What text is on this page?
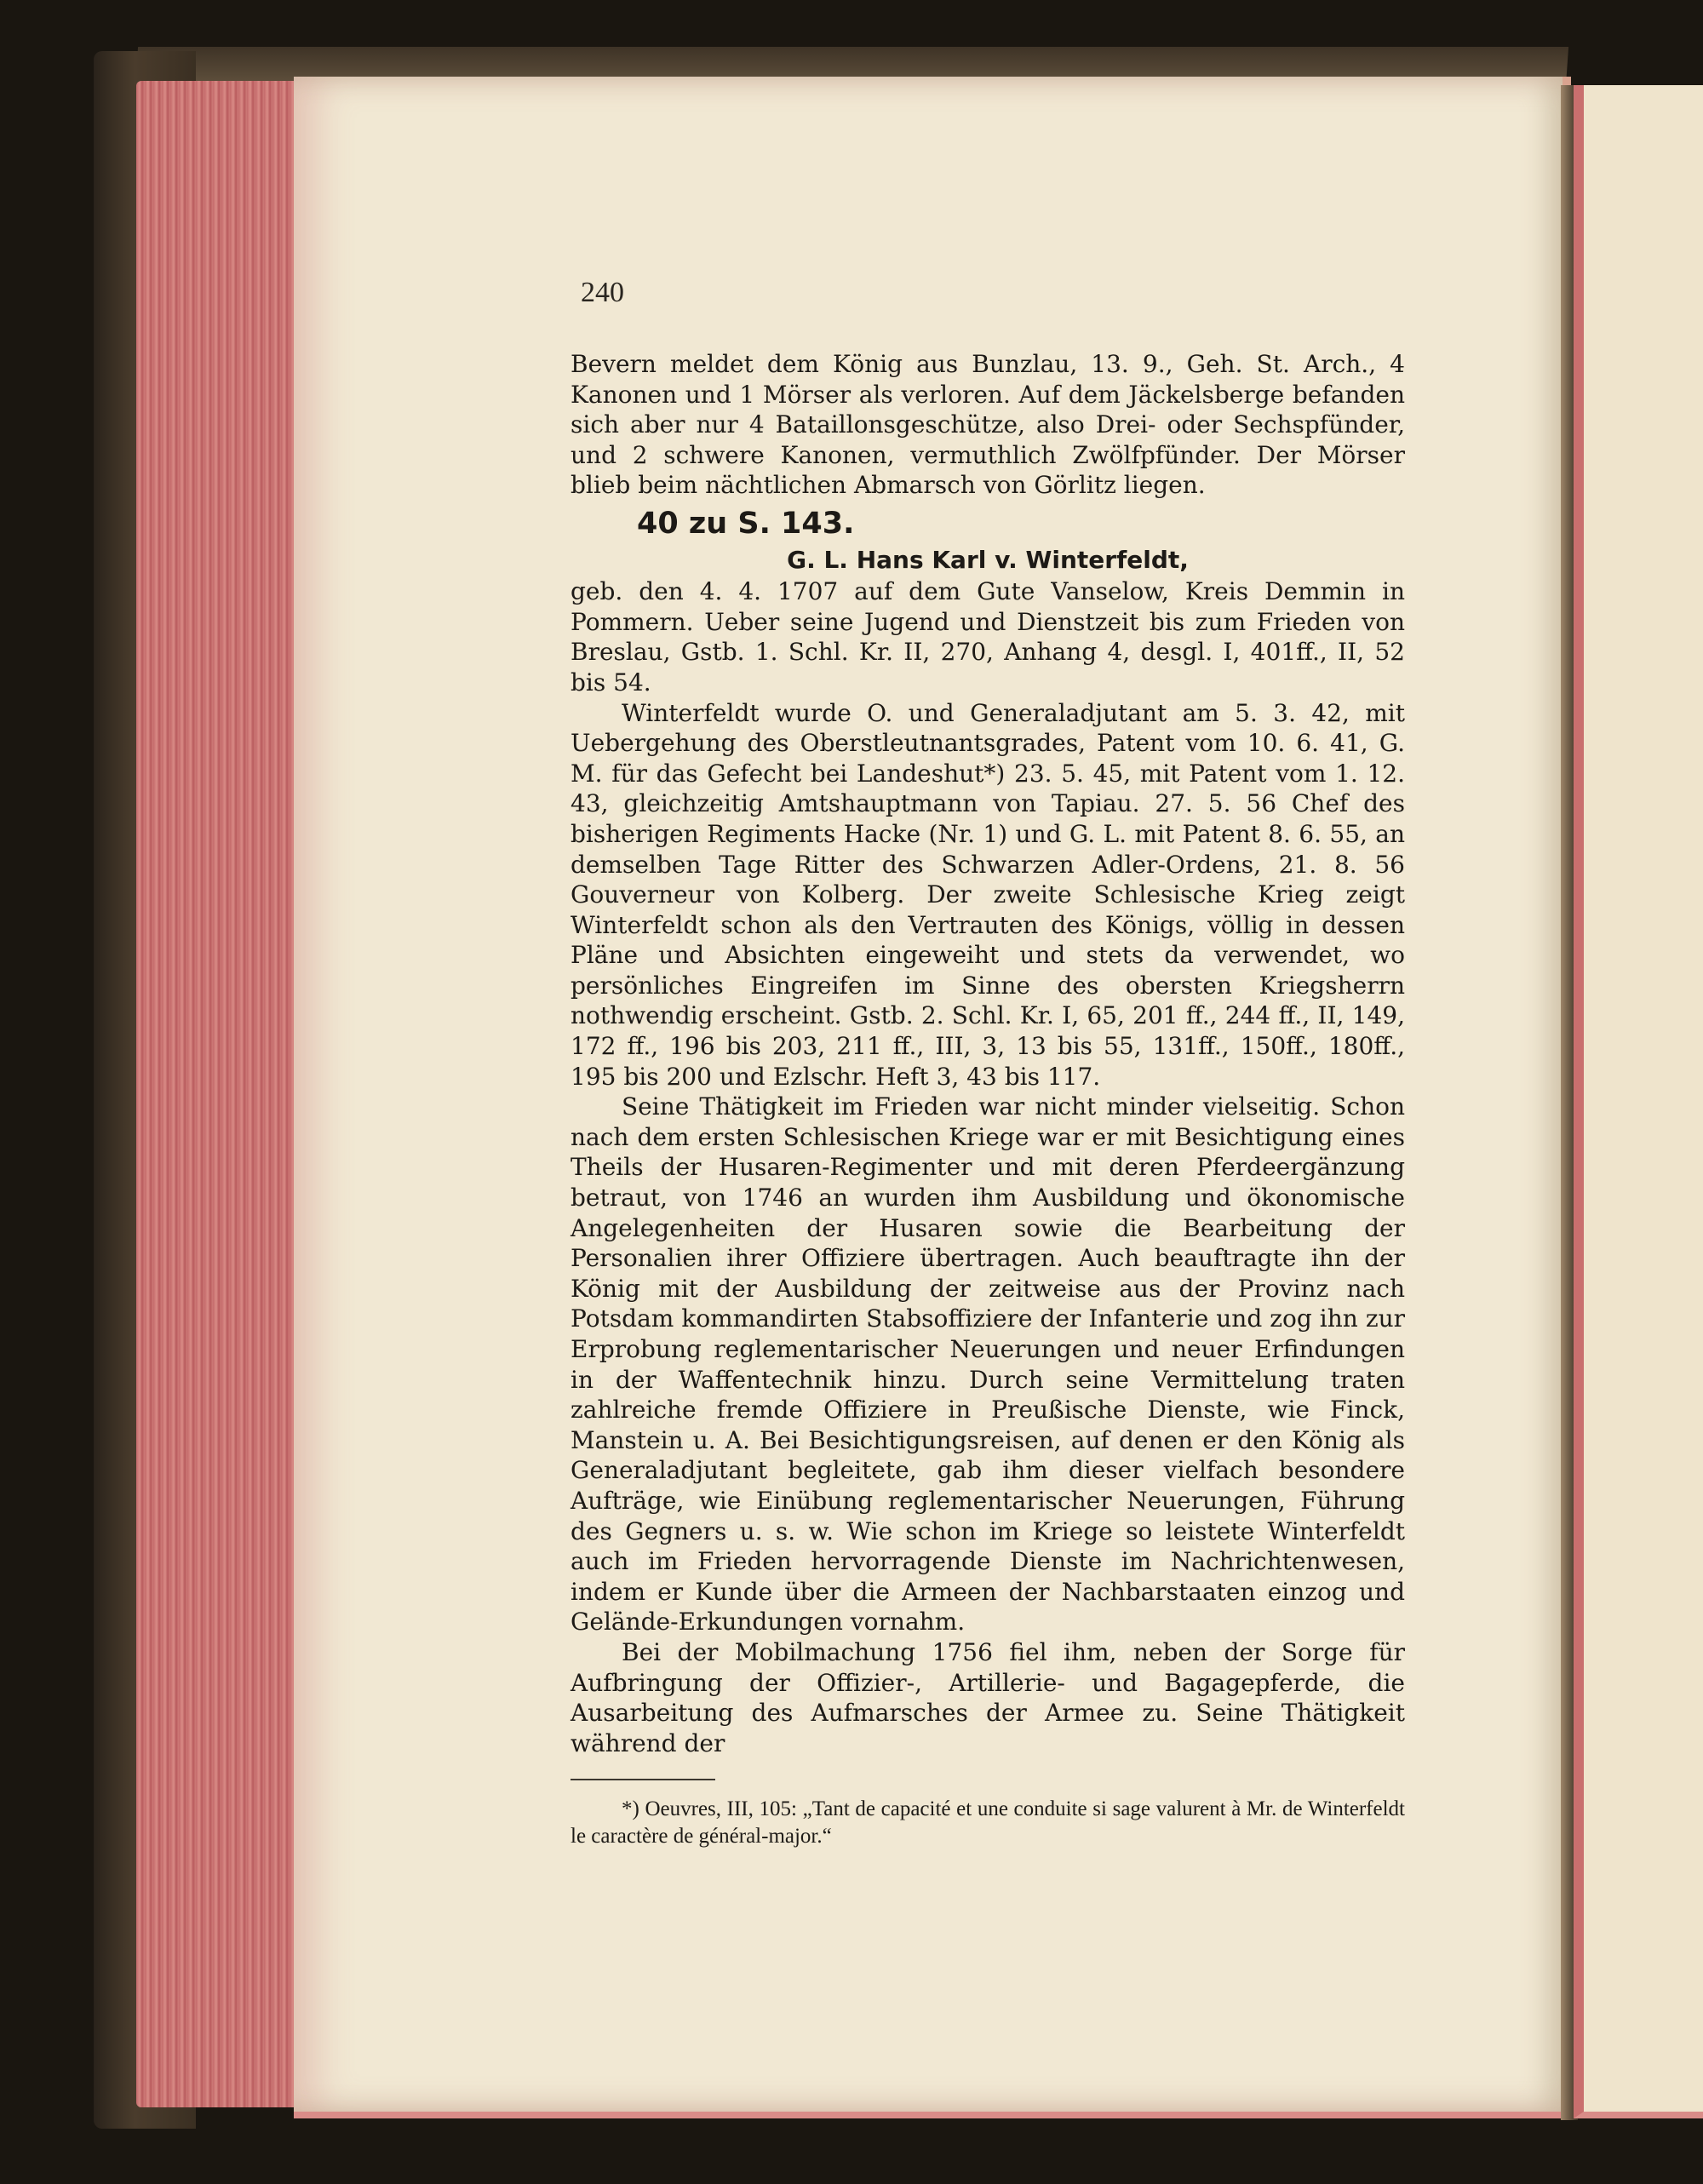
240

Bevern meldet dem König aus Bunzlau, 13. 9., Geh. St. Arch., 4 Kanonen und 1 Mörser als verloren. Auf dem Jäckelsberge befanden sich aber nur 4 Bataillonsgeschütze, also Drei- oder Sechspfünder, und 2 schwere Kanonen, vermuthlich Zwölfpfünder. Der Mörser blieb beim nächtlichen Abmarsch von Görlitz liegen.

40 zu S. 143.
G. L. Hans Karl v. Winterfeldt,

geb. den 4. 4. 1707 auf dem Gute Vanselow, Kreis Demmin in Pommern. Ueber seine Jugend und Dienstzeit bis zum Frieden von Breslau, Gstb. 1. Schl. Kr. II, 270, Anhang 4, desgl. I, 401ff., II, 52 bis 54.

Winterfeldt wurde O. und Generaladjutant am 5. 3. 42, mit Uebergehung des Oberstleutnantsgrades, Patent vom 10. 6. 41, G. M. für das Gefecht bei Landeshut*) 23. 5. 45, mit Patent vom 1. 12. 43, gleichzeitig Amtshauptmann von Tapiau. 27. 5. 56 Chef des bisherigen Regiments Hacke (Nr. 1) und G. L. mit Patent 8. 6. 55, an demselben Tage Ritter des Schwarzen Adler-Ordens, 21. 8. 56 Gouverneur von Kolberg. Der zweite Schlesische Krieg zeigt Winterfeldt schon als den Vertrauten des Königs, völlig in dessen Pläne und Absichten eingeweiht und stets da verwendet, wo persönliches Eingreifen im Sinne des obersten Kriegsherrn nothwendig erscheint. Gstb. 2. Schl. Kr. I, 65, 201 ff., 244 ff., II, 149, 172 ff., 196 bis 203, 211 ff., III, 3, 13 bis 55, 131ff., 150ff., 180ff., 195 bis 200 und Ezlschr. Heft 3, 43 bis 117.

Seine Thätigkeit im Frieden war nicht minder vielseitig. Schon nach dem ersten Schlesischen Kriege war er mit Besichtigung eines Theils der Husaren-Regimenter und mit deren Pferdeergänzung betraut, von 1746 an wurden ihm Ausbildung und ökonomische Angelegenheiten der Husaren sowie die Bearbeitung der Personalien ihrer Offiziere übertragen. Auch beauftragte ihn der König mit der Ausbildung der zeitweise aus der Provinz nach Potsdam kommandirten Stabsoffiziere der Infanterie und zog ihn zur Erprobung reglementarischer Neuerungen und neuer Erfindungen in der Waffentechnik hinzu. Durch seine Vermittelung traten zahlreiche fremde Offiziere in Preußische Dienste, wie Finck, Manstein u. A. Bei Besichtigungsreisen, auf denen er den König als Generaladjutant begleitete, gab ihm dieser vielfach besondere Aufträge, wie Einübung reglementarischer Neuerungen, Führung des Gegners u. s. w. Wie schon im Kriege so leistete Winterfeldt auch im Frieden hervorragende Dienste im Nachrichtenwesen, indem er Kunde über die Armeen der Nachbarstaaten einzog und Gelände-Erkundungen vornahm.

Bei der Mobilmachung 1756 fiel ihm, neben der Sorge für Aufbringung der Offizier-, Artillerie- und Bagagepferde, die Ausarbeitung des Aufmarsches der Armee zu. Seine Thätigkeit während der

*) Oeuvres, III, 105: „Tant de capacité et une conduite si sage valurent à Mr. de Winterfeldt le caractère de général-major.“
